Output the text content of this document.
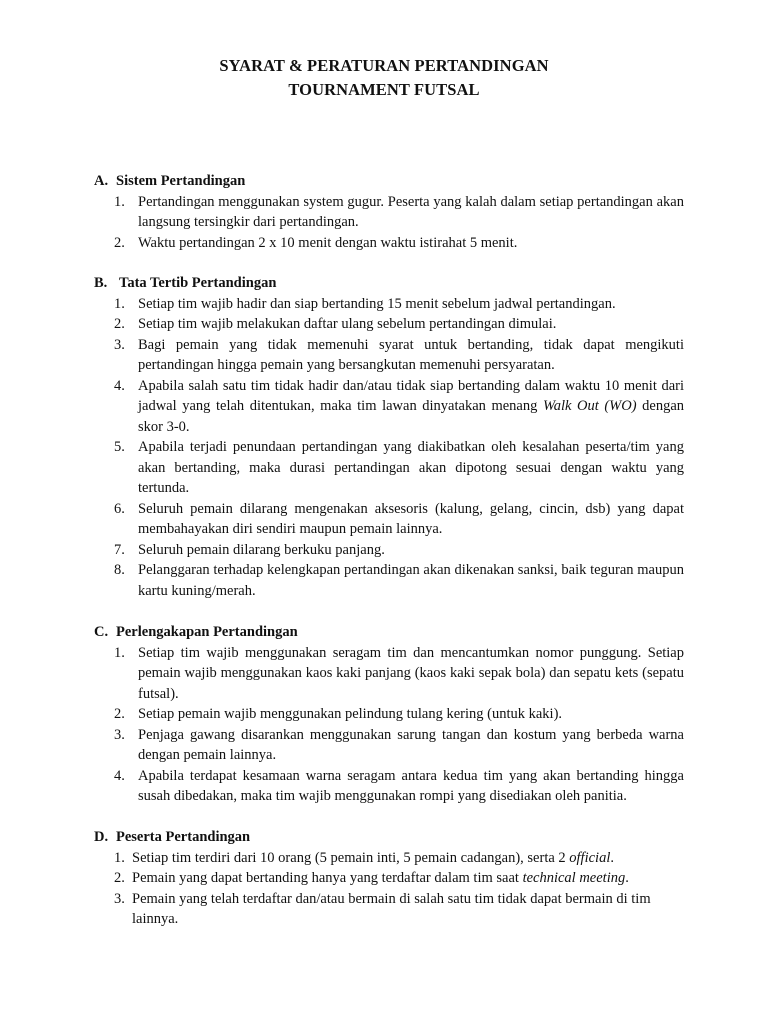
SYARAT & PERATURAN PERTANDINGAN
TOURNAMENT FUTSAL
A. Sistem Pertandingan
1. Pertandingan menggunakan system gugur. Peserta yang kalah dalam setiap pertandingan akan langsung tersingkir dari pertandingan.
2. Waktu pertandingan 2 x 10 menit dengan waktu istirahat 5 menit.
B. Tata Tertib Pertandingan
1. Setiap tim wajib hadir dan siap bertanding 15 menit sebelum jadwal pertandingan.
2. Setiap tim wajib melakukan daftar ulang sebelum pertandingan dimulai.
3. Bagi pemain yang tidak memenuhi syarat untuk bertanding, tidak dapat mengikuti pertandingan hingga pemain yang bersangkutan memenuhi persyaratan.
4. Apabila salah satu tim tidak hadir dan/atau tidak siap bertanding dalam waktu 10 menit dari jadwal yang telah ditentukan, maka tim lawan dinyatakan menang Walk Out (WO) dengan skor 3-0.
5. Apabila terjadi penundaan pertandingan yang diakibatkan oleh kesalahan peserta/tim yang akan bertanding, maka durasi pertandingan akan dipotong sesuai dengan waktu yang tertunda.
6. Seluruh pemain dilarang mengenakan aksesoris (kalung, gelang, cincin, dsb) yang dapat membahayakan diri sendiri maupun pemain lainnya.
7. Seluruh pemain dilarang berkuku panjang.
8. Pelanggaran terhadap kelengkapan pertandingan akan dikenakan sanksi, baik teguran maupun kartu kuning/merah.
C. Perlengakapan Pertandingan
1. Setiap tim wajib menggunakan seragam tim dan mencantumkan nomor punggung. Setiap pemain wajib menggunakan kaos kaki panjang (kaos kaki sepak bola) dan sepatu kets (sepatu futsal).
2. Setiap pemain wajib menggunakan pelindung tulang kering (untuk kaki).
3. Penjaga gawang disarankan menggunakan sarung tangan dan kostum yang berbeda warna dengan pemain lainnya.
4. Apabila terdapat kesamaan warna seragam antara kedua tim yang akan bertanding hingga susah dibedakan, maka tim wajib menggunakan rompi yang disediakan oleh panitia.
D. Peserta Pertandingan
1. Setiap tim terdiri dari 10 orang (5 pemain inti, 5 pemain cadangan), serta 2 official.
2. Pemain yang dapat bertanding hanya yang terdaftar dalam tim saat technical meeting.
3. Pemain yang telah terdaftar dan/atau bermain di salah satu tim tidak dapat bermain di tim lainnya.
